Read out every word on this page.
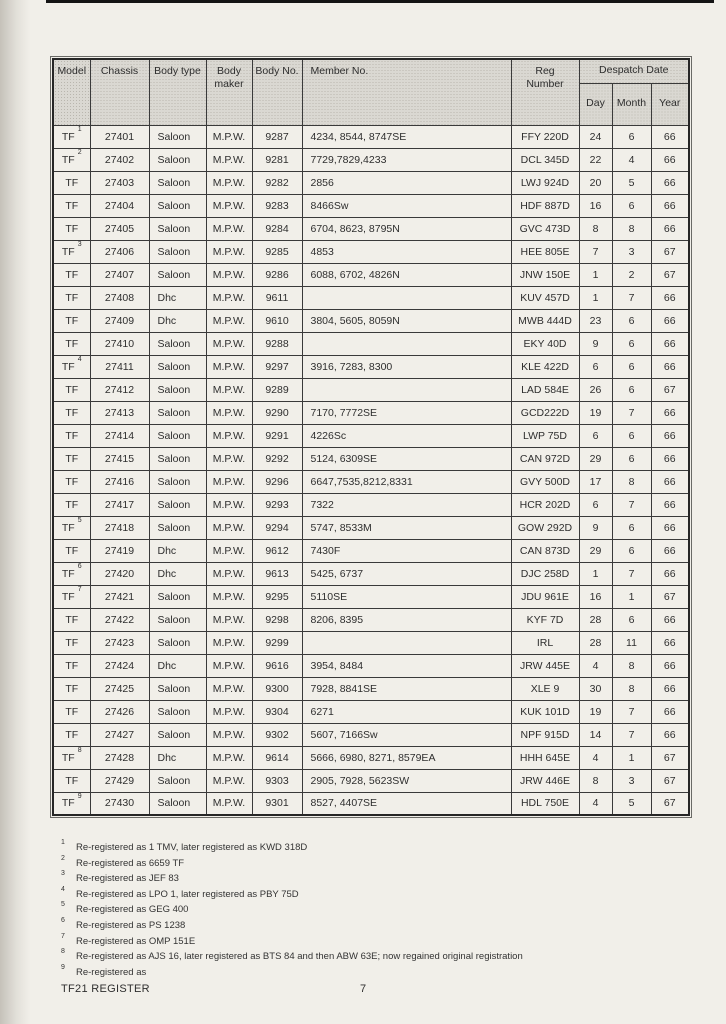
Model	Chassis	Body type	Body maker	Body No.	Member No.	Reg Number	Despatch Date		
							Day	Month	Year
TF$^1$	27401	Saloon	M.P.W.	9287	4234, 8544, 8747SE	FFY 220D	24	6	66
TF$^2$	27402	Saloon	M.P.W.	9281	7729,7829,4233	DCL 345D	22	4	66
TF	27403	Saloon	M.P.W.	9282	2856	LWJ 924D	20	5	66
TF	27404	Saloon	M.P.W.	9283	8466Sw	HDF 887D	16	6	66
TF	27405	Saloon	M.P.W.	9284	6704, 8623, 8795N	GVC 473D	8	8	66
TF$^3$	27406	Saloon	M.P.W.	9285	4853	HEE 805E	7	3	67
TF	27407	Saloon	M.P.W.	9286	6088, 6702, 4826N	JNW 150E	1	2	67
TF	27408	Dhc	M.P.W.	9611		KUV 457D	1	7	66
TF	27409	Dhc	M.P.W.	9610	3804, 5605, 8059N	MWB 444D	23	6	66
TF	27410	Saloon	M.P.W.	9288		EKY 40D	9	6	66
TF$^4$	27411	Saloon	M.P.W.	9297	3916, 7283, 8300	KLE 422D	6	6	66
TF	27412	Saloon	M.P.W.	9289		LAD 584E	26	6	67
TF	27413	Saloon	M.P.W.	9290	7170, 7772SE	GCD222D	19	7	66
TF	27414	Saloon	M.P.W.	9291	4226Sc	LWP 75D	6	6	66
TF	27415	Saloon	M.P.W.	9292	5124, 6309SE	CAN 972D	29	6	66
TF	27416	Saloon	M.P.W.	9296	6647,7535,8212,8331	GVY 500D	17	8	66
TF	27417	Saloon	M.P.W.	9293	7322	HCR 202D	6	7	66
TF$^5$	27418	Saloon	M.P.W.	9294	5747, 8533M	GOW 292D	9	6	66
TF	27419	Dhc	M.P.W.	9612	7430F	CAN 873D	29	6	66
TF$^6$	27420	Dhc	M.P.W.	9613	5425, 6737	DJC 258D	1	7	66
TF$^7$	27421	Saloon	M.P.W.	9295	5110SE	JDU 961E	16	1	67
TF	27422	Saloon	M.P.W.	9298	8206, 8395	KYF 7D	28	6	66
TF	27423	Saloon	M.P.W.	9299		IRL	28	11	66
TF	27424	Dhc	M.P.W.	9616	3954, 8484	JRW 445E	4	8	66
TF	27425	Saloon	M.P.W.	9300	7928, 8841SE	XLE 9	30	8	66
TF	27426	Saloon	M.P.W.	9304	6271	KUK 101D	19	7	66
TF	27427	Saloon	M.P.W.	9302	5607, 7166Sw	NPF 915D	14	7	66
TF$^8$	27428	Dhc	M.P.W.	9614	5666, 6980, 8271, 8579EA	HHH 645E	4	1	67
TF	27429	Saloon	M.P.W.	9303	2905, 7928, 5623SW	JRW 446E	8	3	67
TF$^9$	27430	Saloon	M.P.W.	9301	8527, 4407SE	HDL 750E	4	5	67
$^1$ Re-registered as 1 TMV, later registered as KWD 318D
$^2$ Re-registered as 6659 TF
$^3$ Re-registered as JEF 83
$^4$ Re-registered as LPO 1, later registered as PBY 75D
$^5$ Re-registered as GEG 400
$^6$ Re-registered as PS 1238
$^7$ Re-registered as OMP 151E
$^8$ Re-registered as AJS 16, later registered as BTS 84 and then ABW 63E; now regained original registration
$^9$ Re-registered as
TF21 REGISTER	7
